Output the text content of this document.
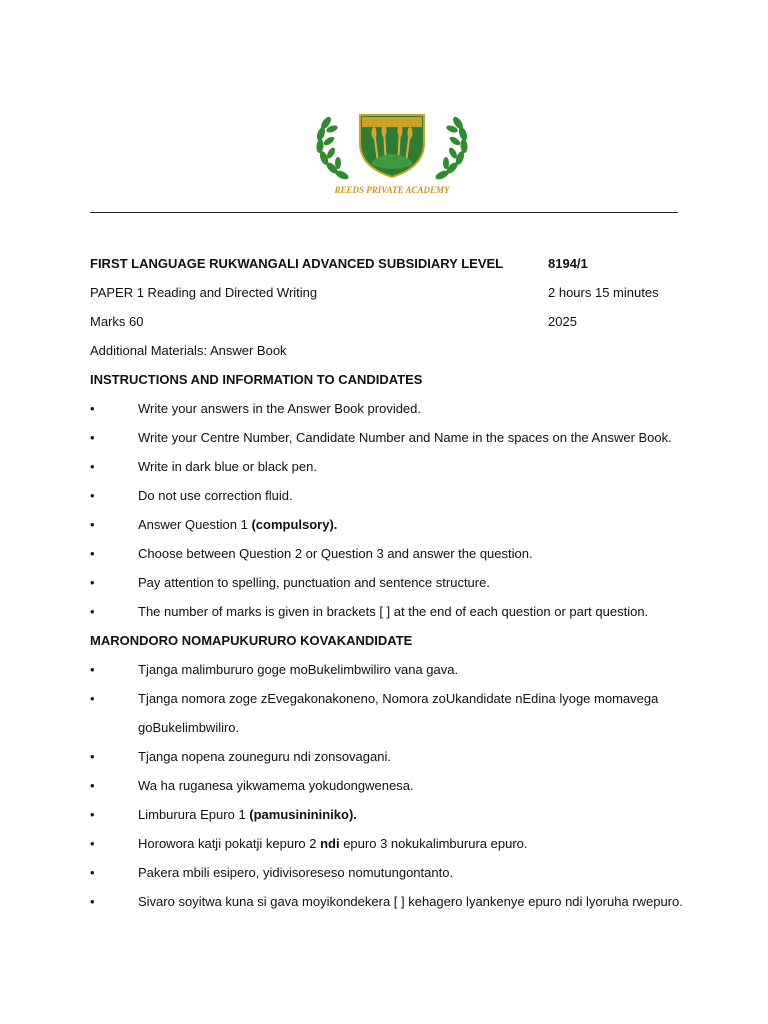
REEDS PRIVATE ACADEMY
FIRST LANGUAGE RUKWANGALI ADVANCED SUBSIDIARY LEVEL	8194/1
PAPER 1 Reading and Directed Writing	2 hours 15 minutes
Marks 60	2025
Additional Materials: Answer Book
INSTRUCTIONS AND INFORMATION TO CANDIDATES
•	Write your answers in the Answer Book provided.
•	Write your Centre Number, Candidate Number and Name in the spaces on the Answer Book.
•	Write in dark blue or black pen.
•	Do not use correction fluid.
•	Answer Question 1 (compulsory).
•	Choose between Question 2 or Question 3 and answer the question.
•	Pay attention to spelling, punctuation and sentence structure.
•	The number of marks is given in brackets [ ] at the end of each question or part question.
MARONDORO NOMAPUKURURO KOVAKANDIDATE
•	Tjanga malimbururo goge moBukelimbwiliro vana gava.
•	Tjanga nomora zoge zEvegakonakoneno, Nomora zoUkandidate nEdina lyoge momavega
goBukelimbwiliro.
•	Tjanga nopena zouneguru ndi zonsovagani.
•	Wa ha ruganesa yikwamema yokudongwenesa.
•	Limburura Epuro 1 (pamusinininiko).
•	Horowora katji pokatji kepuro 2 ndi epuro 3 nokukalimburura epuro.
•	Pakera mbili esipero, yidivisoreseso nomutungontanto.
•	Sivaro soyitwa kuna si gava moyikondekera [ ] kehagero lyankenye epuro ndi lyoruha rwepuro.
